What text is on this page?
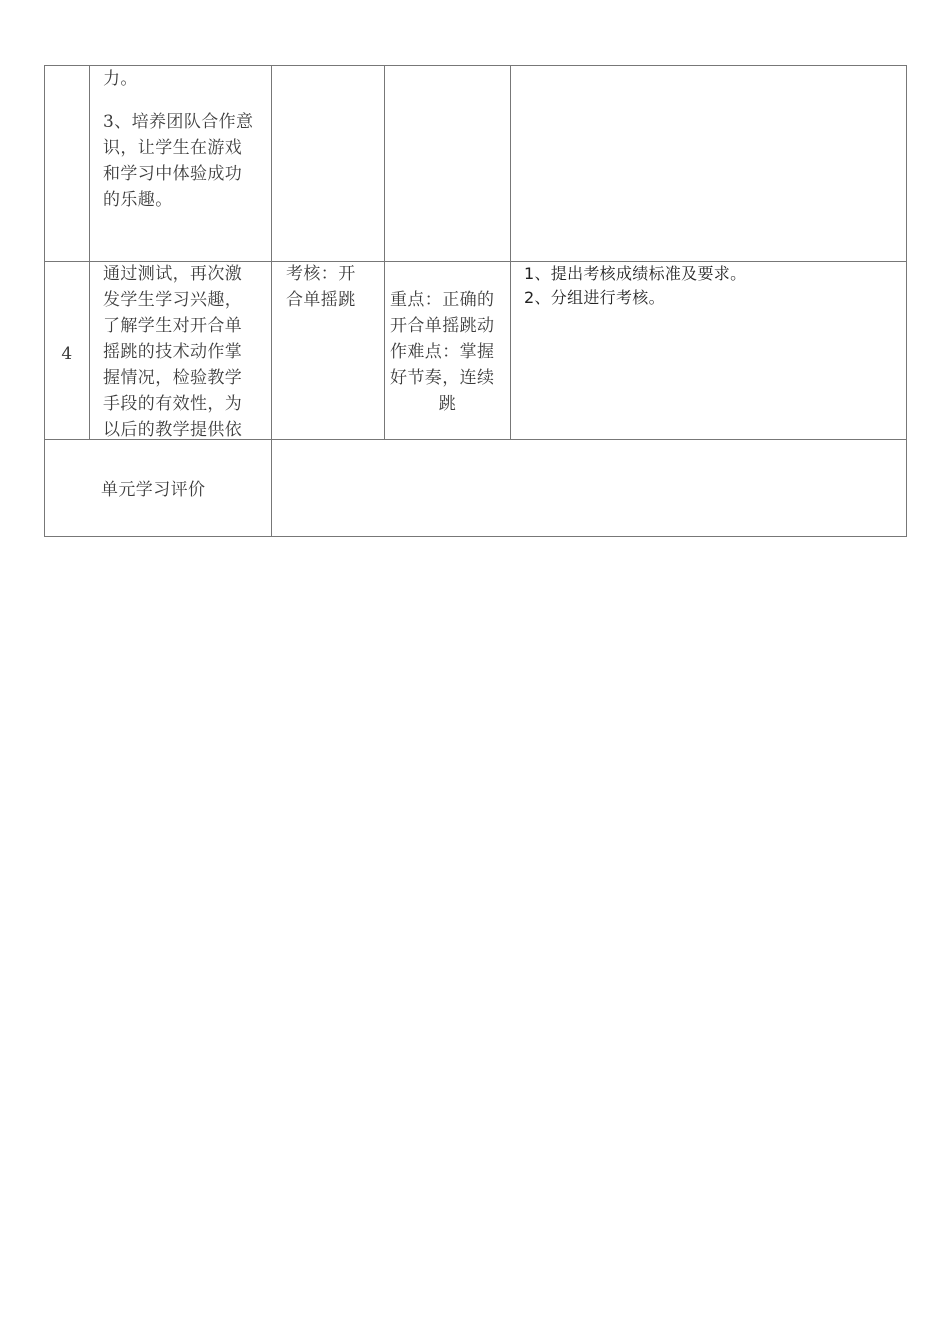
力。
3、培养团队合作意
识，让学生在游戏
和学习中体验成功
的乐趣。
4
通过测试，再次激
发学生学习兴趣，
了解学生对开合单
摇跳的技术动作掌
握情况，检验教学
手段的有效性，为
以后的教学提供依
考核：开
合单摇跳	重点：正确的
开合单摇跳动
作难点：掌握
好节奏，连续
跳
1、提出考核成绩标准及要求。
2、分组进行考核。
单元学习评价
